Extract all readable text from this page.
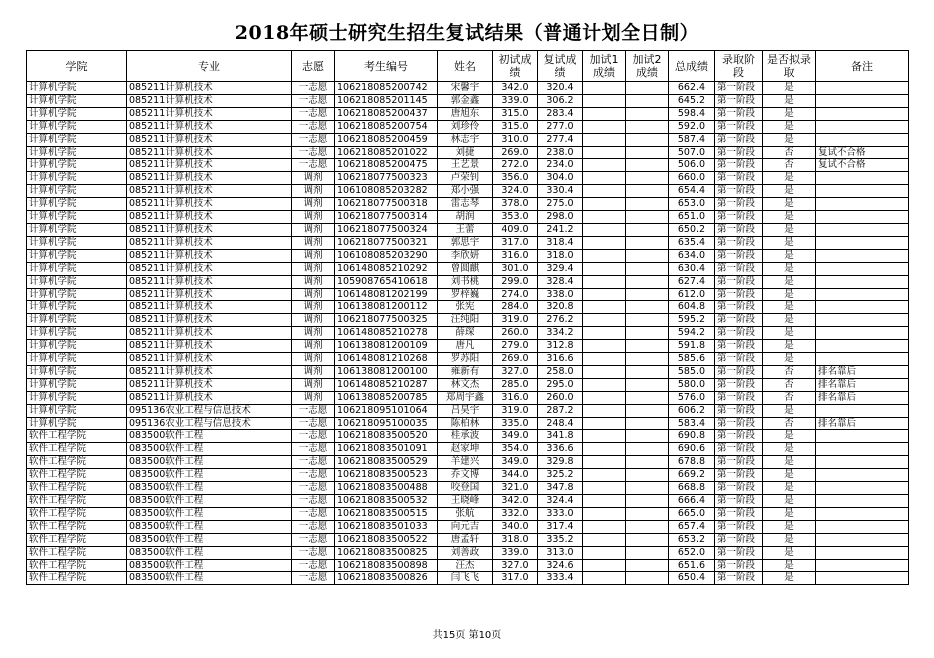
2018年硕士研究生招生复试结果（普通计划全日制）
学院	专业	志愿	考生编号	姓名	初试成绩	复试成绩	加试1成绩	加试2成绩	总成绩	录取阶段	是否拟录取	备注
计算机学院	085211计算机技术	一志愿	106218085200742	宋馨宇	342.0	320.4			662.4	第一阶段	是	
计算机学院	085211计算机技术	一志愿	106218085201145	郭金鑫	339.0	306.2			645.2	第一阶段	是	
计算机学院	085211计算机技术	一志愿	106218085200437	唐旭东	315.0	283.4			598.4	第一阶段	是	
计算机学院	085211计算机技术	一志愿	106218085200754	刘珍伶	315.0	277.0			592.0	第一阶段	是	
计算机学院	085211计算机技术	一志愿	106218085200459	林志宇	310.0	277.4			587.4	第一阶段	是	
计算机学院	085211计算机技术	一志愿	106218085201022	刘捷	269.0	238.0			507.0	第一阶段	否	复试不合格
计算机学院	085211计算机技术	一志愿	106218085200475	王艺景	272.0	234.0			506.0	第一阶段	否	复试不合格
计算机学院	085211计算机技术	调剂	106218077500323	卢荣钊	356.0	304.0			660.0	第一阶段	是	
计算机学院	085211计算机技术	调剂	106108085203282	郑小强	324.0	330.4			654.4	第一阶段	是	
计算机学院	085211计算机技术	调剂	106218077500318	雷志琴	378.0	275.0			653.0	第一阶段	是	
计算机学院	085211计算机技术	调剂	106218077500314	胡润	353.0	298.0			651.0	第一阶段	是	
计算机学院	085211计算机技术	调剂	106218077500324	王蕾	409.0	241.2			650.2	第一阶段	是	
计算机学院	085211计算机技术	调剂	106218077500321	郭思宇	317.0	318.4			635.4	第一阶段	是	
计算机学院	085211计算机技术	调剂	106108085203290	李欣妍	316.0	318.0			634.0	第一阶段	是	
计算机学院	085211计算机技术	调剂	106148085210292	曾圆麒	301.0	329.4			630.4	第一阶段	是	
计算机学院	085211计算机技术	调剂	105908765410618	刘书桃	299.0	328.4			627.4	第一阶段	是	
计算机学院	085211计算机技术	调剂	106148081202199	罗梓巍	274.0	338.0			612.0	第一阶段	是	
计算机学院	085211计算机技术	调剂	106138081200112	张宪	284.0	320.8			604.8	第一阶段	是	
计算机学院	085211计算机技术	调剂	106218077500325	汪纯阳	319.0	276.2			595.2	第一阶段	是	
计算机学院	085211计算机技术	调剂	106148085210278	薛琛	260.0	334.2			594.2	第一阶段	是	
计算机学院	085211计算机技术	调剂	106138081200109	唐凡	279.0	312.8			591.8	第一阶段	是	
计算机学院	085211计算机技术	调剂	106148081210268	罗苏阳	269.0	316.6			585.6	第一阶段	是	
计算机学院	085211计算机技术	调剂	106138081200100	雍新有	327.0	258.0			585.0	第一阶段	否	排名靠后
计算机学院	085211计算机技术	调剂	106148085210287	林文杰	285.0	295.0			580.0	第一阶段	否	排名靠后
计算机学院	085211计算机技术	调剂	106138085200785	郑周宇鑫	316.0	260.0			576.0	第一阶段	否	排名靠后
计算机学院	095136农业工程与信息技术	一志愿	106218095101064	吕昊宇	319.0	287.2			606.2	第一阶段	是	
计算机学院	095136农业工程与信息技术	一志愿	106218095100035	陈柏林	335.0	248.4			583.4	第一阶段	否	排名靠后
软件工程学院	083500软件工程	一志愿	106218083500520	桂承波	349.0	341.8			690.8	第一阶段	是	
软件工程学院	083500软件工程	一志愿	106218083501091	赵家坤	354.0	336.6			690.6	第一阶段	是	
软件工程学院	083500软件工程	一志愿	106218083500529	羊建兴	349.0	329.8			678.8	第一阶段	是	
软件工程学院	083500软件工程	一志愿	106218083500523	乔文博	344.0	325.2			669.2	第一阶段	是	
软件工程学院	083500软件工程	一志愿	106218083500488	咬登国	321.0	347.8			668.8	第一阶段	是	
软件工程学院	083500软件工程	一志愿	106218083500532	王晓峰	342.0	324.4			666.4	第一阶段	是	
软件工程学院	083500软件工程	一志愿	106218083500515	张航	332.0	333.0			665.0	第一阶段	是	
软件工程学院	083500软件工程	一志愿	106218083501033	向元吉	340.0	317.4			657.4	第一阶段	是	
软件工程学院	083500软件工程	一志愿	106218083500522	唐孟轩	318.0	335.2			653.2	第一阶段	是	
软件工程学院	083500软件工程	一志愿	106218083500825	刘善政	339.0	313.0			652.0	第一阶段	是	
软件工程学院	083500软件工程	一志愿	106218083500898	汪杰	327.0	324.6			651.6	第一阶段	是	
软件工程学院	083500软件工程	一志愿	106218083500826	闫飞飞	317.0	333.4			650.4	第一阶段	是	
共15页 第10页
